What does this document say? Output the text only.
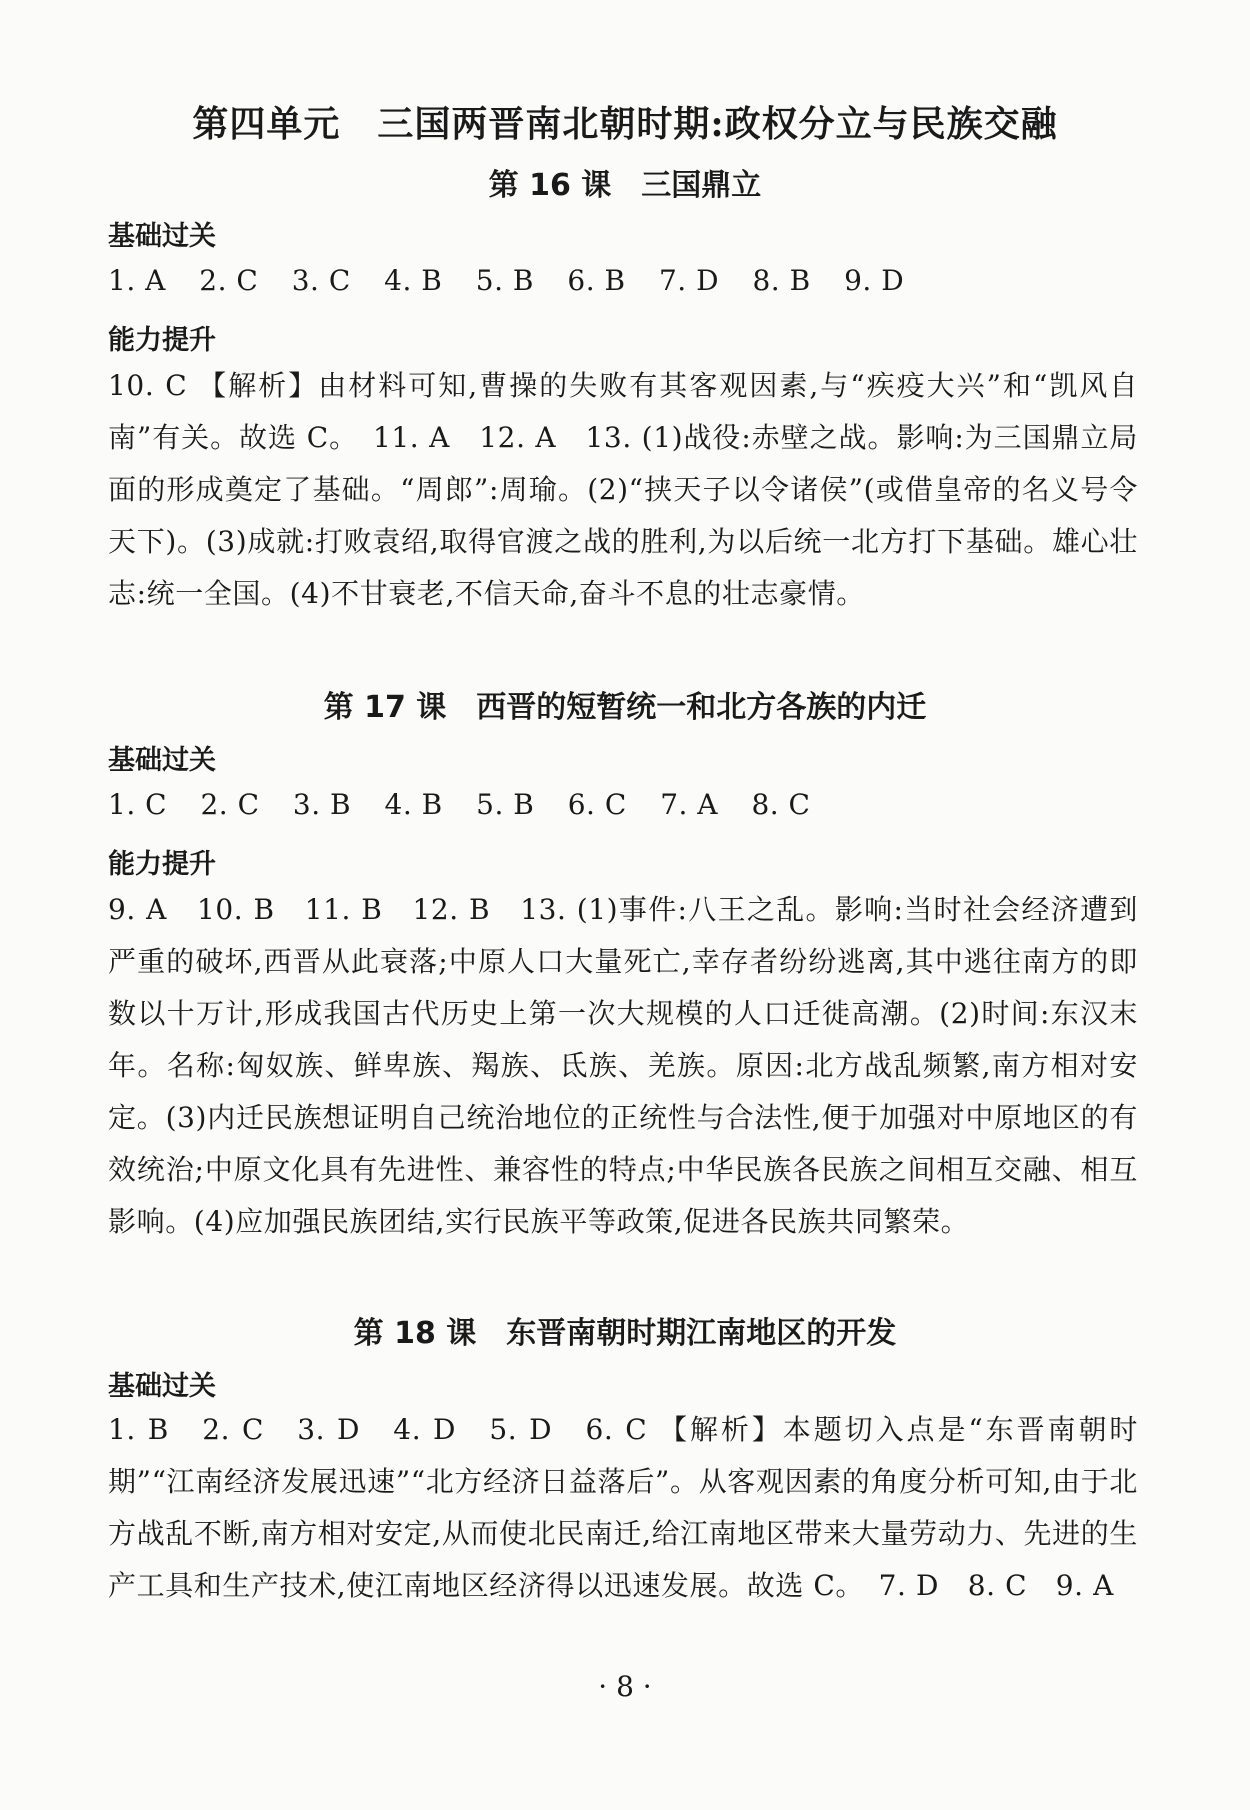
第四单元　三国两晋南北朝时期:政权分立与民族交融
第 16 课　三国鼎立
基础过关
1. A 2. C 3. C 4. B 5. B 6. B 7. D 8. B 9. D
能力提升
10. C 【解析】由材料可知,曹操的失败有其客观因素,与“疾疫大兴”和“凯风自南”有关。故选 C。　11. A　12. A　13. (1)战役:赤壁之战。影响:为三国鼎立局面的形成奠定了基础。“周郎”:周瑜。(2)“挟天子以令诸侯”(或借皇帝的名义号令天下)。(3)成就:打败袁绍,取得官渡之战的胜利,为以后统一北方打下基础。雄心壮志:统一全国。(4)不甘衰老,不信天命,奋斗不息的壮志豪情。
第 17 课　西晋的短暂统一和北方各族的内迁
基础过关
1. C 2. C 3. B 4. B 5. B 6. C 7. A 8. C
能力提升
9. A　10. B　11. B　12. B　13. (1)事件:八王之乱。影响:当时社会经济遭到严重的破坏,西晋从此衰落;中原人口大量死亡,幸存者纷纷逃离,其中逃往南方的即数以十万计,形成我国古代历史上第一次大规模的人口迁徙高潮。(2)时间:东汉末年。名称:匈奴族、鲜卑族、羯族、氐族、羌族。原因:北方战乱频繁,南方相对安定。(3)内迁民族想证明自己统治地位的正统性与合法性,便于加强对中原地区的有效统治;中原文化具有先进性、兼容性的特点;中华民族各民族之间相互交融、相互影响。(4)应加强民族团结,实行民族平等政策,促进各民族共同繁荣。
第 18 课　东晋南朝时期江南地区的开发
基础过关
1. B　2. C　3. D　4. D　5. D　6. C 【解析】本题切入点是“东晋南朝时期”“江南经济发展迅速”“北方经济日益落后”。从客观因素的角度分析可知,由于北方战乱不断,南方相对安定,从而使北民南迁,给江南地区带来大量劳动力、先进的生产工具和生产技术,使江南地区经济得以迅速发展。故选 C。　7. D　8. C　9. A
· 8 ·
